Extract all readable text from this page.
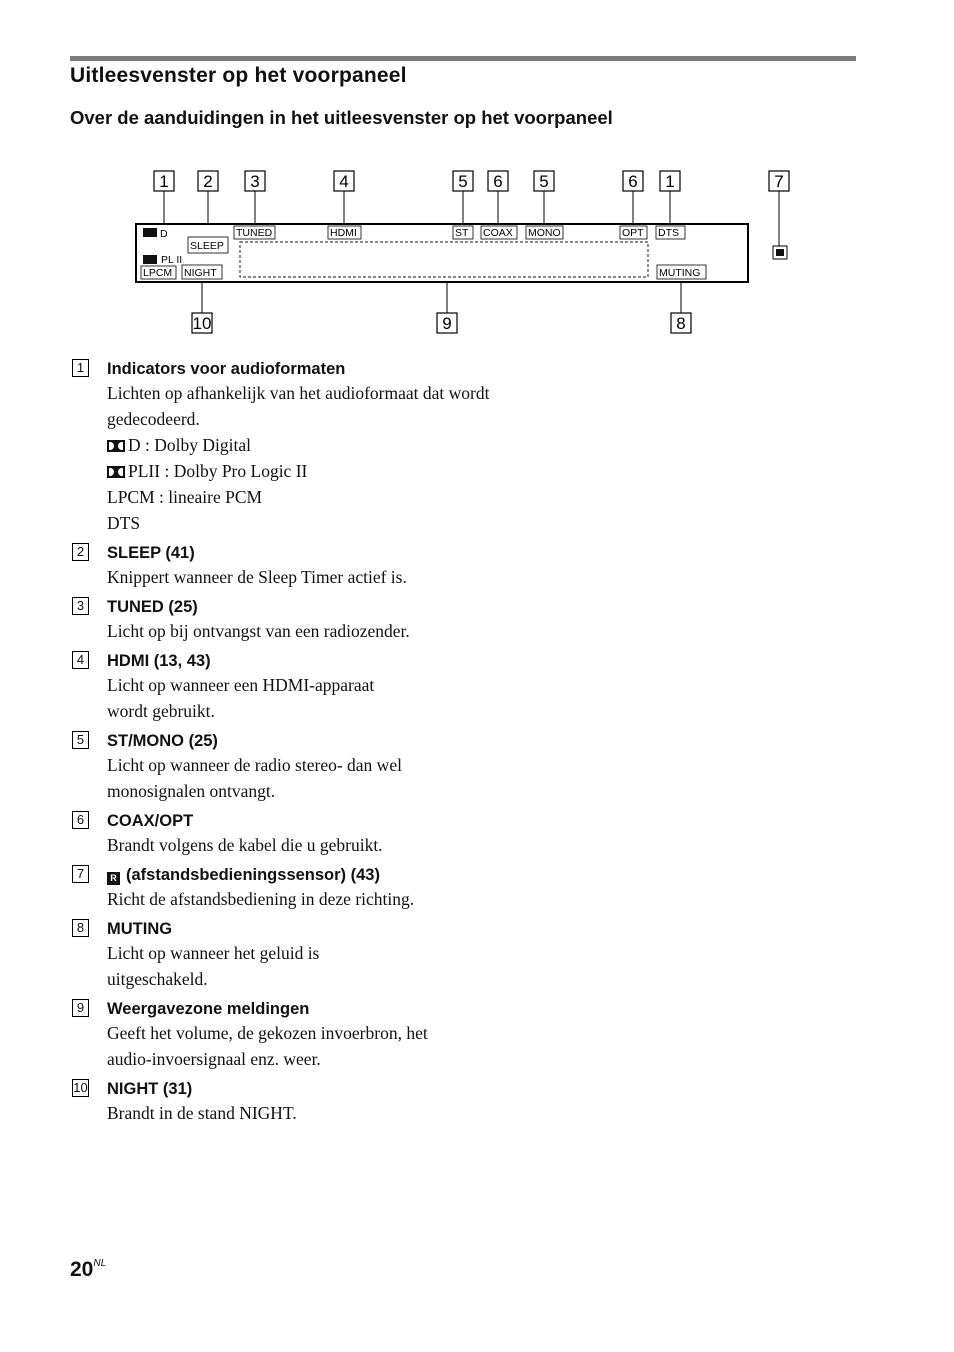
Uitleesvenster op het voorpaneel
Over de aanduidingen in het uitleesvenster op het voorpaneel
1 2 3	4	5 6 5	6 1	7
D
PL II
LPCM
SLEEP
NIGHT
TUNED	HDMI	ST COAX MONO	OPT DTS
MUTING
10	9	8
1 Indicators voor audioformaten

Lichten op afhankelijk van het audioformaat dat wordt gedecodeerd.

D : Dolby Digital

PLII : Dolby Pro Logic II

LPCM : lineaire PCM

DTS

2 SLEEP (41)

Knippert wanneer de Sleep Timer actief is.

3 TUNED (25)

Licht op bij ontvangst van een radiozender.

4 HDMI (13, 43)

Licht op wanneer een HDMI-apparaat wordt gebruikt.

5 ST/MONO (25)

Licht op wanneer de radio stereo- dan wel monosignalen ontvangt.

6 COAX/OPT

Brandt volgens de kabel die u gebruikt.

7	R (afstandsbedieningssensor) (43)

Richt de afstandsbediening in deze richting.

8 MUTING

Licht op wanneer het geluid is uitgeschakeld.

9 Weergavezone meldingen

Geeft het volume, de gekozen invoerbron, het audio-invoersignaal enz. weer.

10 NIGHT (31)

Brandt in de stand NIGHT.

$20^{NL}$
